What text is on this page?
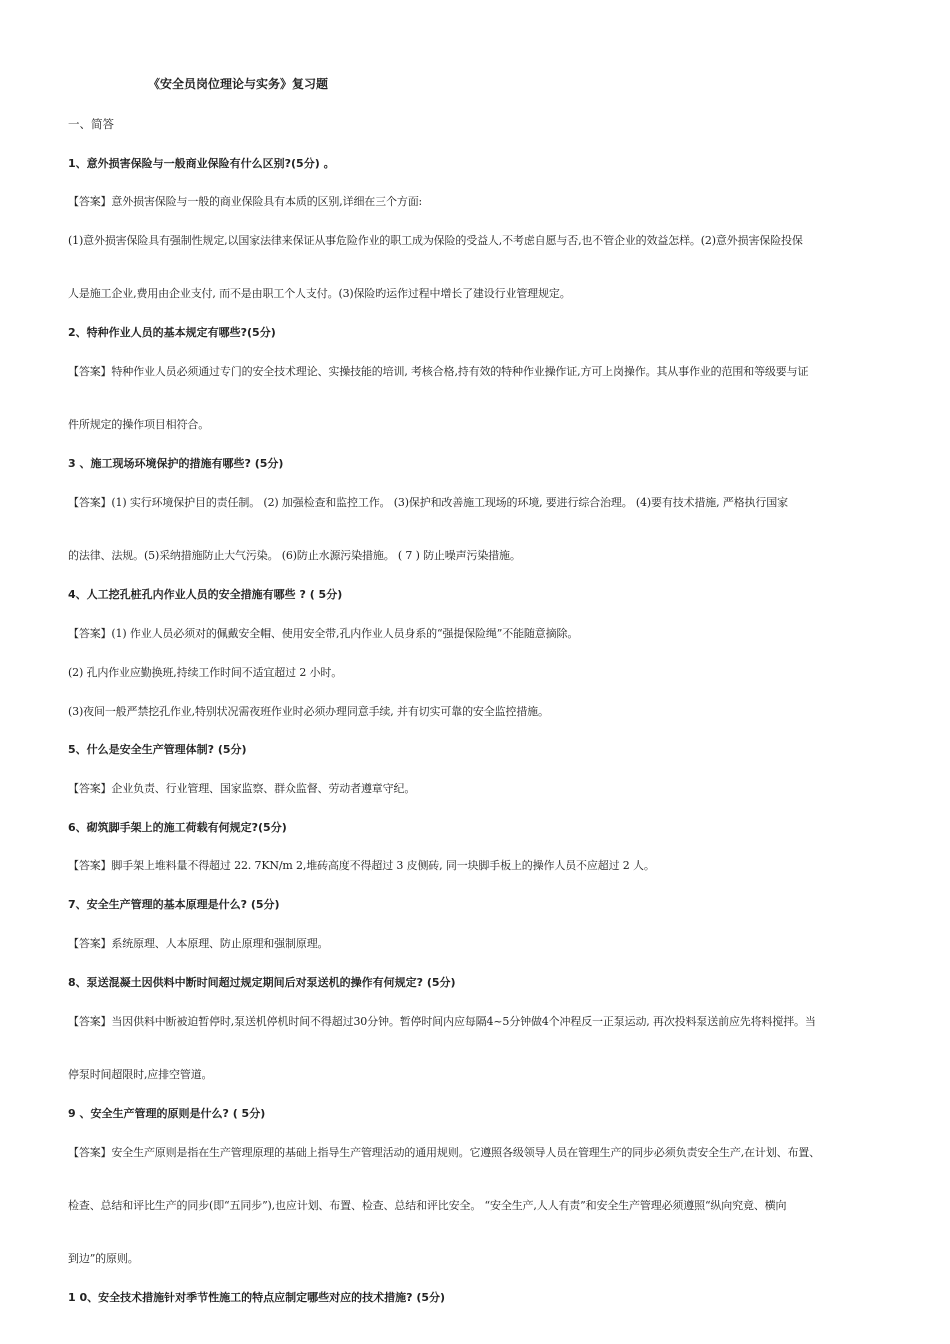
《安全员岗位理论与实务》复习题
一、简答
1、意外损害保险与一般商业保险有什么区别?(5分) 。
【答案】意外损害保险与一般的商业保险具有本质的区别,详细在三个方面:
(1)意外损害保险具有强制性规定,以国家法律来保证从事危险作业的职工成为保险的受益人,不考虑自愿与否,也不管企业的效益怎样。(2)意外损害保险投保
人是施工企业,费用由企业支付, 而不是由职工个人支付。(3)保险旳运作过程中增长了建设行业管理规定。
2、特种作业人员的基本规定有哪些?(5分)
【答案】特种作业人员必须通过专门的安全技术理论、实操技能的培训, 考核合格,持有效的特种作业操作证,方可上岗操作。其从事作业的范围和等级要与证
件所规定的操作项目相符合。
3 、施工现场环境保护的措施有哪些? (5分)
【答案】(1) 实行环境保护目的责任制。 (2) 加强检查和监控工作。 (3)保护和改善施工现场的环境, 要进行综合治理。 (4)要有技术措施, 严格执行国家
的法律、法规。(5)采纳措施防止大气污染。 (6)防止水源污染措施。 ( 7 ) 防止噪声污染措施。
4、人工挖孔桩孔内作业人员的安全措施有哪些 ? ( 5分)
【答案】(1) 作业人员必须对的佩戴安全帽、使用安全带,孔内作业人员身系的“强提保险绳”不能随意摘除。
(2) 孔内作业应勤换班,持续工作时间不适宜超过 2 小时。
(3)夜间一般严禁挖孔作业,特别状况需夜班作业时必须办理同意手续, 并有切实可靠的安全监控措施。
5、什么是安全生产管理体制? (5分)
【答案】企业负责、行业管理、国家监察、群众监督、劳动者遵章守纪。
6、砌筑脚手架上的施工荷载有何规定?(5分)
【答案】脚手架上堆料量不得超过 22. 7KN/m 2,堆砖高度不得超过 3 皮侧砖, 同一块脚手板上的操作人员不应超过 2 人。
7、安全生产管理的基本原理是什么? (5分)
【答案】系统原理、人本原理、防止原理和强制原理。
8、泵送混凝土因供料中断时间超过规定期间后对泵送机的操作有何规定? (5分)
【答案】当因供料中断被迫暂停时,泵送机停机时间不得超过30分钟。暂停时间内应每隔4~5分钟做4个冲程反一正泵运动, 再次投料泵送前应先将料搅拌。当
停泵时间超限时,应排空管道。
9 、安全生产管理的原则是什么? ( 5分)
【答案】安全生产原则是指在生产管理原理的基础上指导生产管理活动的通用规则。它遵照各级领导人员在管理生产的同步必须负责安全生产,在计划、布置、
检查、总结和评比生产的同步(即“五同步”),也应计划、布置、检查、总结和评比安全。 “安全生产,人人有责”和安全生产管理必须遵照“纵向究竟、横向
到边”的原则。
1 0、安全技术措施针对季节性施工的特点应制定哪些对应的技术措施? (5分)
